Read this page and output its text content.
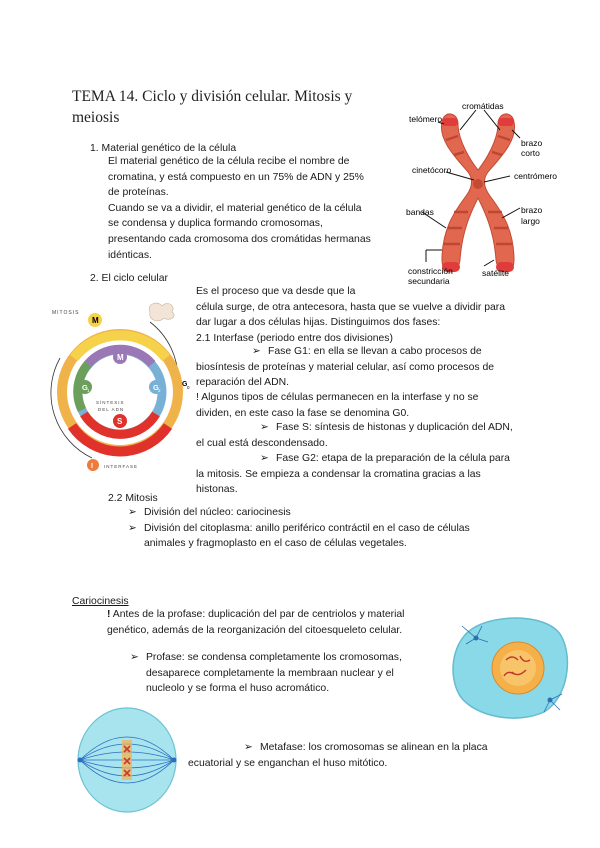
TEMA 14. Ciclo y división celular. Mitosis y
meiosis
1. Material genético de la célula
El material genético de la célula recibe el nombre de
cromatina, y está compuesto en un 75% de ADN y 25%
de proteínas.
Cuando se va a dividir, el material genético de la célula
se condensa y duplica formando cromosomas,
presentando cada cromosoma dos cromátidas hermanas
idénticas.
cromátidas
telómero
brazo
corto
cinetócoro
centrómero
bandas	brazo
largo
constricción
secundaria
satélite
2. El ciclo celular
M
MITOSIS
M
G 1	G 2
S
SÍNTESIS
DEL ADN
G 0
I INTERFASE
Es el proceso que va desde que la
célula surge, de otra antecesora, hasta que se vuelve a dividir para
dar lugar a dos células hijas. Distinguimos dos fases:
2.1 Interfase (periodo entre dos divisiones)
➢ Fase G1: en ella se llevan a cabo procesos de
biosíntesis de proteínas y material celular, así como procesos de
reparación del ADN.
! Algunos tipos de células permanecen en la interfase y no se
dividen, en este caso la fase se denomina G0.
➢ Fase S: síntesis de histonas y duplicación del ADN,
el cual está descondensado.
➢ Fase G2: etapa de la preparación de la célula para
la mitosis. Se empieza a condensar la cromatina gracias a las
histonas.
2.2 Mitosis
➢ División del núcleo: cariocinesis
➢ División del citoplasma: anillo periférico contráctil en el caso de células
animales y fragmoplasto en el caso de células vegetales.
Cariocinesis
! Antes de la profase: duplicación del par de centriolos y material
genético, además de la reorganización del citoesqueleto celular.
➢ Profase: se condensa completamente los cromosomas,
desaparece completamente la membraan nuclear y el
nucleolo y se forma el huso acromático.
➢ Metafase: los cromosomas se alinean en la placa
ecuatorial y se enganchan el huso mitótico.
